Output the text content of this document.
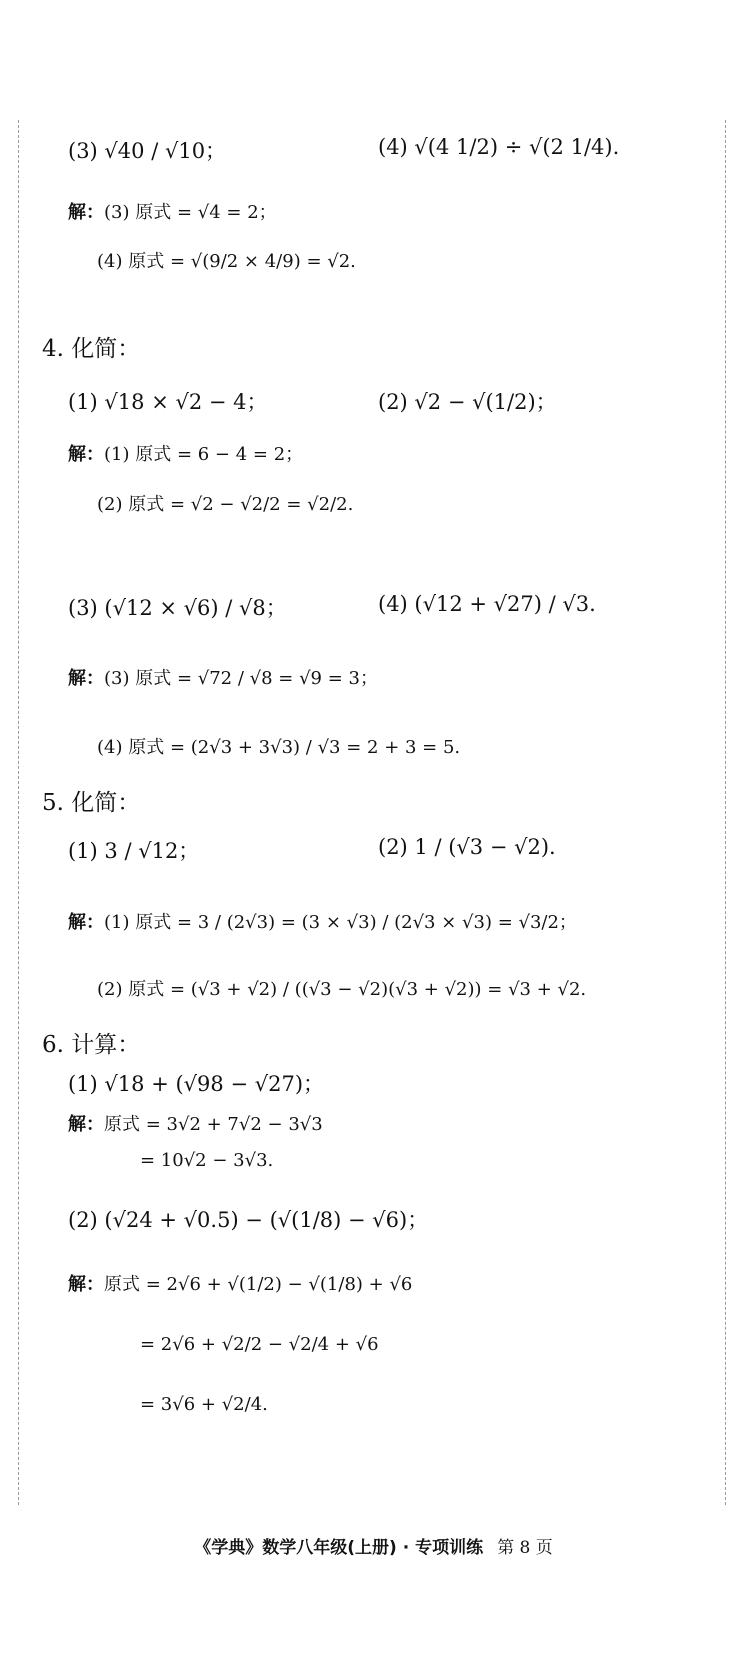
(3) √40 / √10；	(4) √(4 1/2) ÷ √(2 1/4).
解：(3) 原式 = √4 = 2；
(4) 原式 = √(9/2 × 4/9) = √2.
4. 化简：
(1) √18 × √2 − 4；	(2) √2 − √(1/2)；
解：(1) 原式 = 6 − 4 = 2；
(2) 原式 = √2 − √2/2 = √2/2.
(3) (√12 × √6) / √8；	(4) (√12 + √27) / √3.
解：(3) 原式 = √72 / √8 = √9 = 3；
(4) 原式 = (2√3 + 3√3) / √3 = 2 + 3 = 5.
5. 化简：
(1) 3 / √12；	(2) 1 / (√3 − √2).
解：(1) 原式 = 3 / (2√3) = (3 × √3) / (2√3 × √3) = √3/2；
(2) 原式 = (√3 + √2) / ((√3 − √2)(√3 + √2)) = √3 + √2.
6. 计算：
(1) √18 + (√98 − √27)；
解：原式 = 3√2 + 7√2 − 3√3
= 10√2 − 3√3.
(2) (√24 + √0.5) − (√(1/8) − √6)；
解：原式 = 2√6 + √(1/2) − √(1/8) + √6
= 2√6 + √2/2 − √2/4 + √6
= 3√6 + √2/4.
《学典》数学八年级(上册) · 专项训练 第 8 页
